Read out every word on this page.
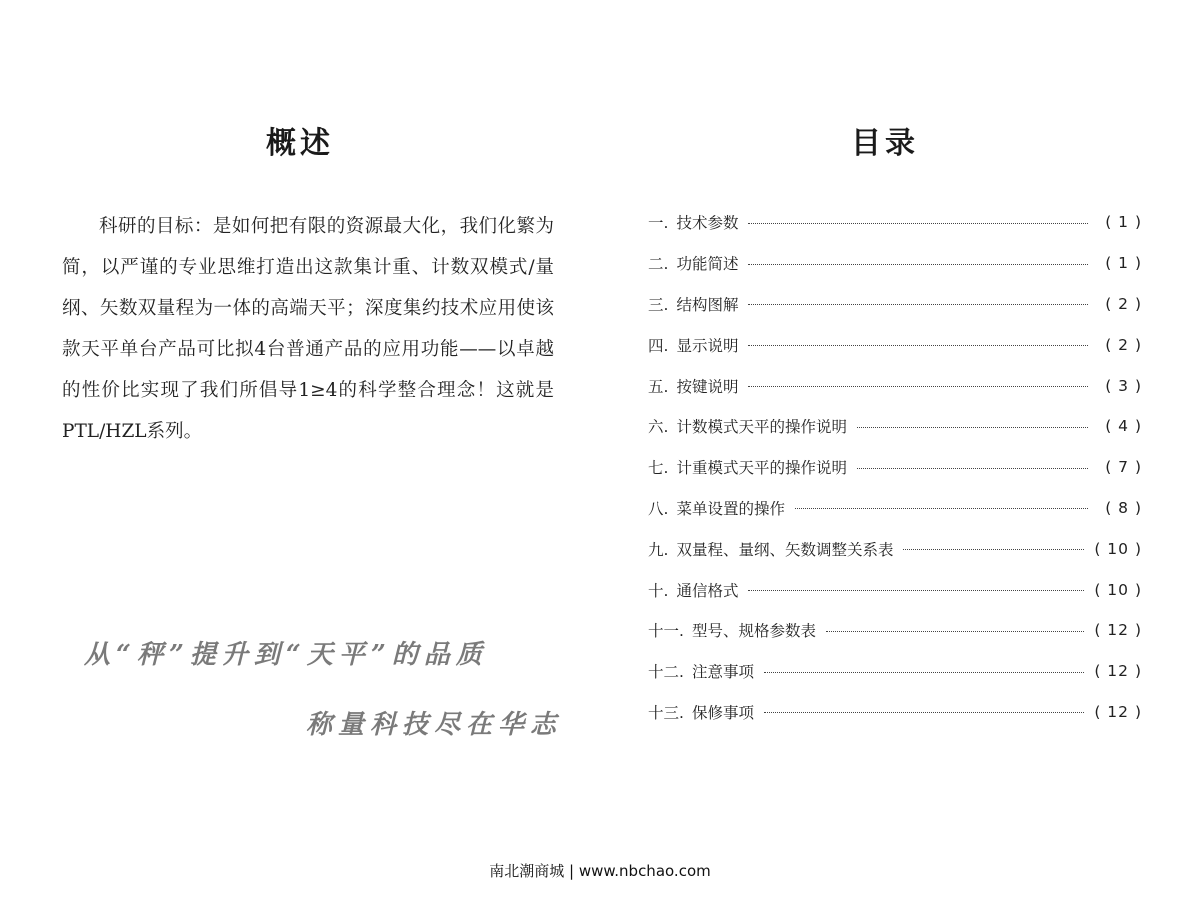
概述

科研的目标：是如何把有限的资源最大化，我们化繁为简，以严谨的专业思维打造出这款集计重、计数双模式/量纲、矢数双量程为一体的高端天平；深度集约技术应用使该款天平单台产品可比拟4台普通产品的应用功能——以卓越的性价比实现了我们所倡导1≥4的科学整合理念！这就是PTL/HZL系列。

从“秤”提升到“天平”的品质
称量科技尽在华志
目录
一. 技术参数	( 1 )
二. 功能简述	( 1 )
三. 结构图解	( 2 )
四. 显示说明	( 2 )
五. 按键说明	( 3 )
六. 计数模式天平的操作说明	( 4 )
七. 计重模式天平的操作说明	( 7 )
八. 菜单设置的操作	( 8 )
九. 双量程、量纲、矢数调整关系表	( 10 )
十. 通信格式	( 10 )
十一. 型号、规格参数表	( 12 )
十二. 注意事项	( 12 )
十三. 保修事项	( 12 )
南北潮商城 | www.nbchao.com
